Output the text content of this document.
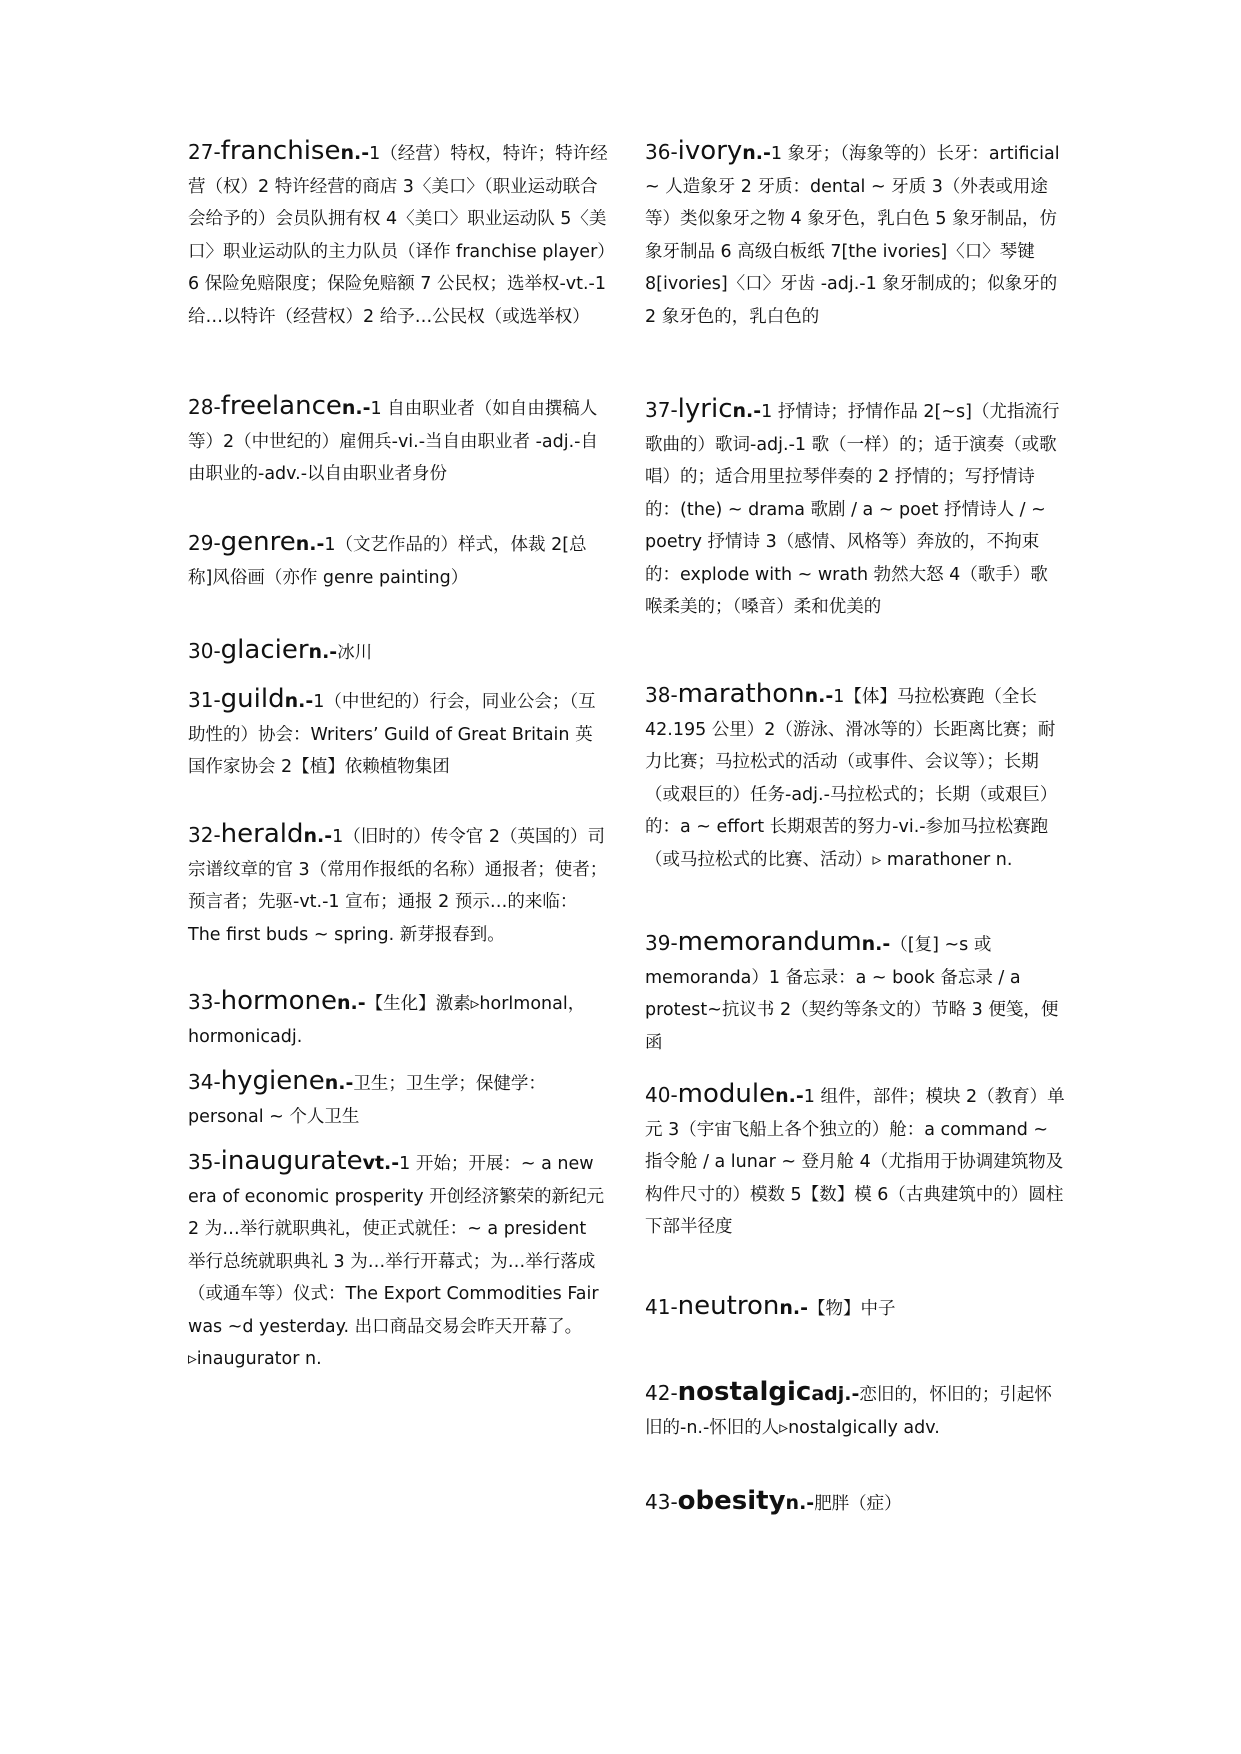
27-franchisen.-1（经营）特权，特许；特许经营（权）2 特许经营的商店 3〈美口〉（职业运动联合会给予的）会员队拥有权 4〈美口〉职业运动队 5〈美口〉职业运动队的主力队员（译作 franchise player）6 保险免赔限度；保险免赔额 7 公民权；选举权-vt.-1 给…以特许（经营权）2 给予…公民权（或选举权）
28-freelancen.-1 自由职业者（如自由撰稿人等）2（中世纪的）雇佣兵-vi.-当自由职业者 -adj.-自由职业的-adv.-以自由职业者身份
29-genren.-1（文艺作品的）样式，体裁 2[总称]风俗画（亦作 genre painting）
30-glaciern.-冰川
31-guildn.-1（中世纪的）行会，同业公会；（互助性的）协会：Writers’ Guild of Great Britain 英国作家协会 2【植】依赖植物集团
32-heraldn.-1（旧时的）传令官 2（英国的）司宗谱纹章的官 3（常用作报纸的名称）通报者；使者；预言者；先驱-vt.-1 宣布；通报 2 预示…的来临：The first buds ~ spring. 新芽报春到。
33-hormonen.-【生化】激素▹horlmonal，hormonicadj.
34-hygienen.-卫生；卫生学；保健学：personal ~ 个人卫生
35-inauguratevt.-1 开始；开展：~ a new era of economic prosperity 开创经济繁荣的新纪元 2 为…举行就职典礼，使正式就任：~ a president 举行总统就职典礼 3 为…举行开幕式；为…举行落成（或通车等）仪式：The Export Commodities Fair was ~d yesterday. 出口商品交易会昨天开幕了。▹inaugurator n.
36-ivoryn.-1 象牙；（海象等的）长牙：artificial ~ 人造象牙 2 牙质：dental ~ 牙质 3（外表或用途等）类似象牙之物 4 象牙色，乳白色 5 象牙制品，仿象牙制品 6 高级白板纸 7[the ivories]〈口〉琴键 8[ivories]〈口〉牙齿 -adj.-1 象牙制成的；似象牙的 2 象牙色的，乳白色的
37-lyricn.-1 抒情诗；抒情作品 2[~s]（尤指流行歌曲的）歌词-adj.-1 歌（一样）的；适于演奏（或歌唱）的；适合用里拉琴伴奏的 2 抒情的；写抒情诗的：(the) ~ drama 歌剧 / a ~ poet 抒情诗人 / ~ poetry 抒情诗 3（感情、风格等）奔放的，不拘束的：explode with ~ wrath 勃然大怒 4（歌手）歌喉柔美的；（嗓音）柔和优美的
38-marathonn.-1【体】马拉松赛跑（全长 42.195 公里）2（游泳、滑冰等的）长距离比赛；耐力比赛；马拉松式的活动（或事件、会议等）；长期（或艰巨的）任务-adj.-马拉松式的；长期（或艰巨）的：a ~ effort 长期艰苦的努力-vi.-参加马拉松赛跑（或马拉松式的比赛、活动）▹ marathoner n.
39-memorandumn.-（[复] ~s 或 memoranda）1 备忘录：a ~ book 备忘录 / a protest~抗议书 2（契约等条文的）节略 3 便笺，便函
40-modulen.-1 组件，部件；模块 2（教育）单元 3（宇宙飞船上各个独立的）舱：a command ~ 指令舱 / a lunar ~ 登月舱 4（尤指用于协调建筑物及构件尺寸的）模数 5【数】模 6（古典建筑中的）圆柱下部半径度
41-neutronn.-【物】中子
42-nostalgicadj.-恋旧的，怀旧的；引起怀旧的-n.-怀旧的人▹nostalgically adv.
43-obesityn.-肥胖（症）
